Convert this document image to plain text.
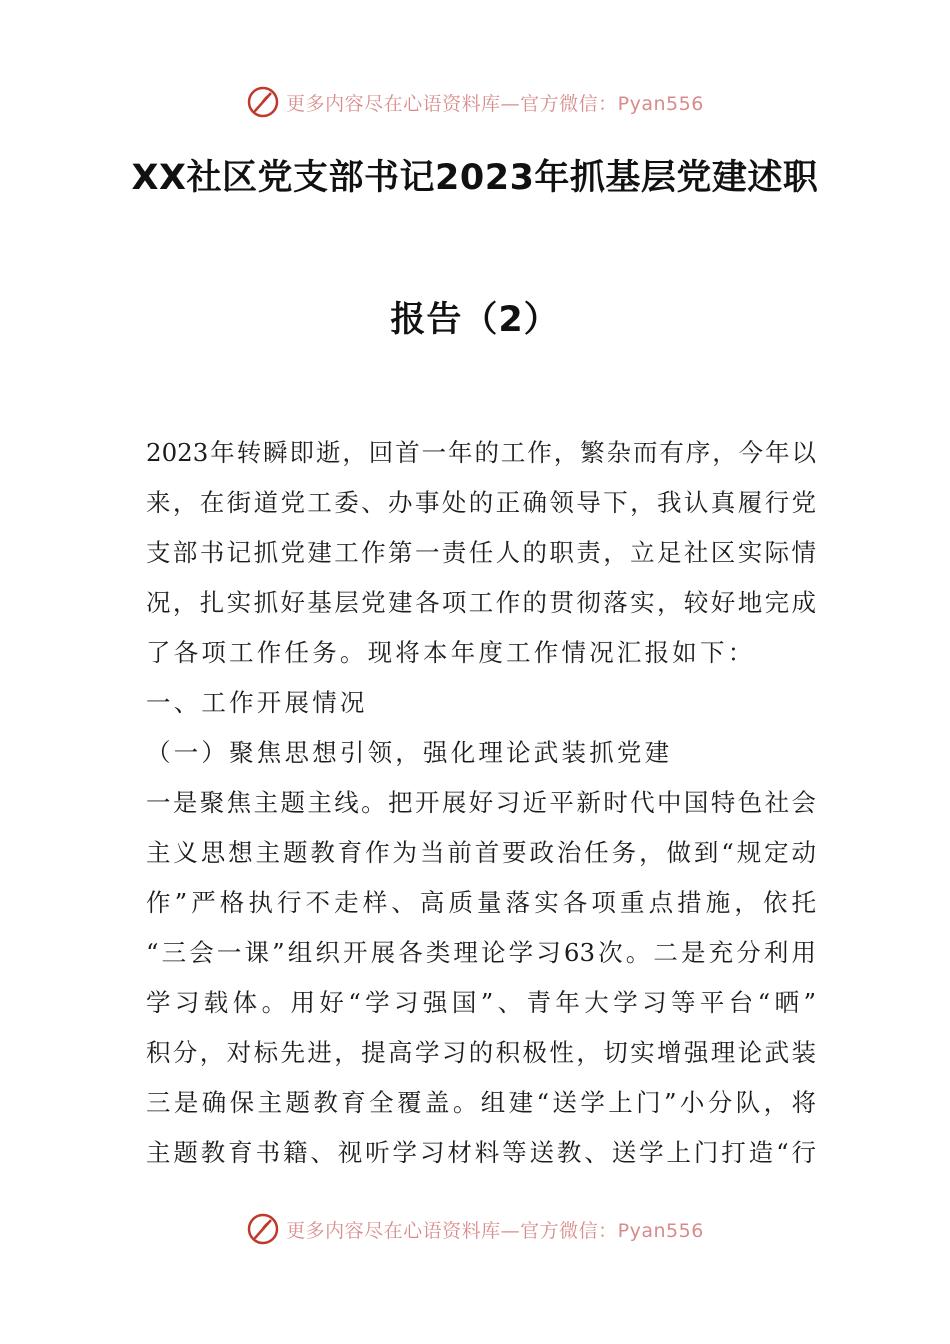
更多内容尽在心语资料库—官方微信：Pyan556
XX社区党支部书记2023年抓基层党建述职
报告（2）
2023年转瞬即逝，回首一年的工作，繁杂而有序，今年以
来，在街道党工委、办事处的正确领导下，我认真履行党
支部书记抓党建工作第一责任人的职责，立足社区实际情
况，扎实抓好基层党建各项工作的贯彻落实，较好地完成
了各项工作任务。现将本年度工作情况汇报如下：
一、工作开展情况
（一）聚焦思想引领，强化理论武装抓党建
一是聚焦主题主线。把开展好习近平新时代中国特色社会
主义思想主题教育作为当前首要政治任务，做到“规定动
作”严格执行不走样、高质量落实各项重点措施，依托
“三会一课”组织开展各类理论学习63次。二是充分利用
学习载体。用好“学习强国”、青年大学习等平台“晒”
积分，对标先进，提高学习的积极性，切实增强理论武装
三是确保主题教育全覆盖。组建“送学上门”小分队，将
主题教育书籍、视听学习材料等送教、送学上门打造“行
更多内容尽在心语资料库—官方微信：Pyan556
